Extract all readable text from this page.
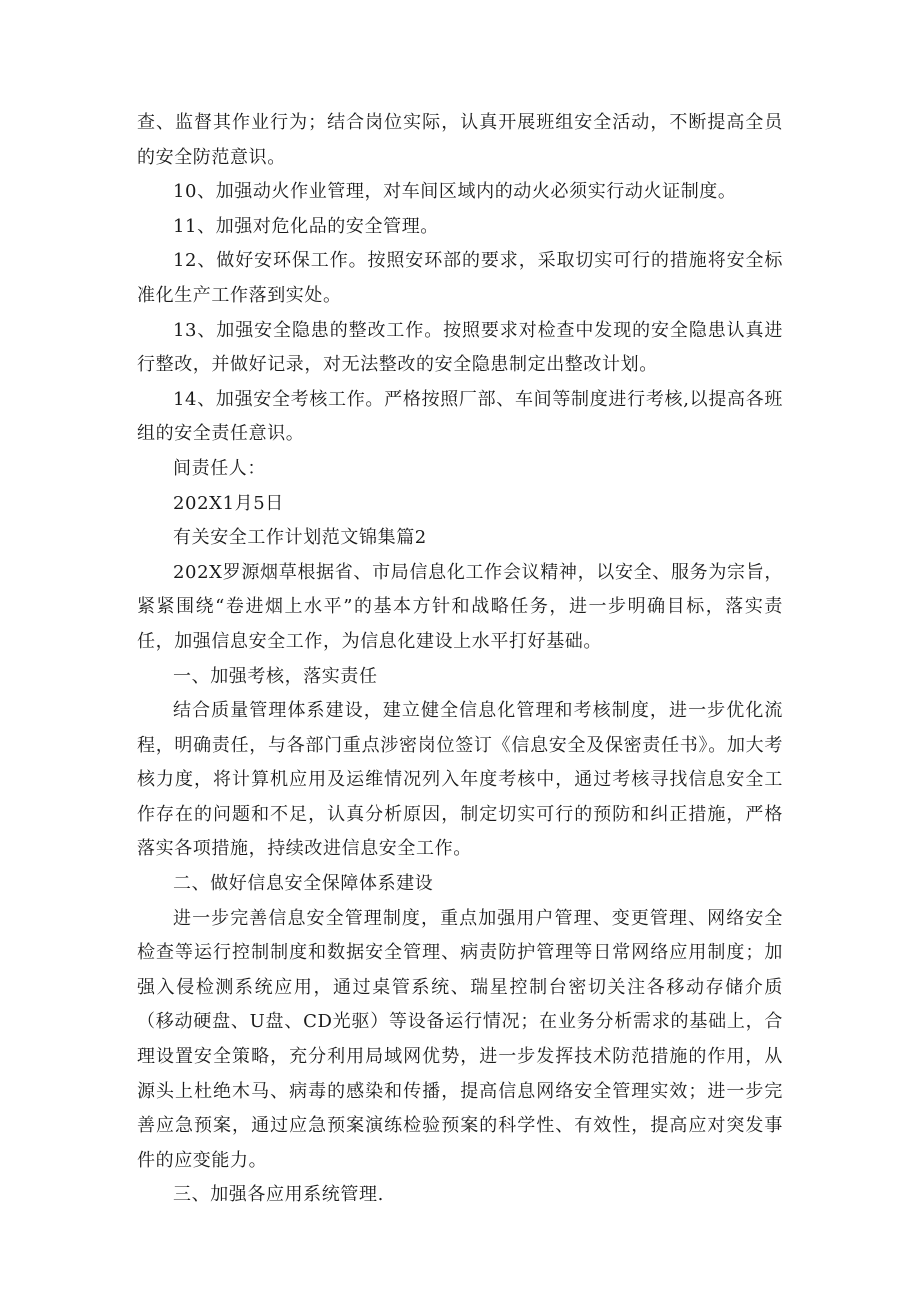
查、监督其作业行为；结合岗位实际，认真开展班组安全活动，不断提高全员的安全防范意识。

10、加强动火作业管理，对车间区域内的动火必须实行动火证制度。

11、加强对危化品的安全管理。

12、做好安环保工作。按照安环部的要求，采取切实可行的措施将安全标准化生产工作落到实处。

13、加强安全隐患的整改工作。按照要求对检查中发现的安全隐患认真进行整改，并做好记录，对无法整改的安全隐患制定出整改计划。

14、加强安全考核工作。严格按照厂部、车间等制度进行考核,以提高各班组的安全责任意识。

间责任人：

202X1月5日

有关安全工作计划范文锦集篇2

202X罗源烟草根据省、市局信息化工作会议精神，以安全、服务为宗旨，紧紧围绕“卷进烟上水平”的基本方针和战略任务，进一步明确目标，落实责任，加强信息安全工作，为信息化建设上水平打好基础。

一、加强考核，落实责任

结合质量管理体系建设，建立健全信息化管理和考核制度，进一步优化流程，明确责任，与各部门重点涉密岗位签订《信息安全及保密责任书》。加大考核力度，将计算机应用及运维情况列入年度考核中，通过考核寻找信息安全工作存在的问题和不足，认真分析原因，制定切实可行的预防和纠正措施，严格落实各项措施，持续改进信息安全工作。

二、做好信息安全保障体系建设

进一步完善信息安全管理制度，重点加强用户管理、变更管理、网络安全检查等运行控制制度和数据安全管理、病责防护管理等日常网络应用制度；加强入侵检测系统应用，通过桌管系统、瑞星控制台密切关注各移动存储介质（移动硬盘、U盘、CD光驱）等设备运行情况；在业务分析需求的基础上，合理设置安全策略，充分利用局域网优势，进一步发挥技术防范措施的作用，从源头上杜绝木马、病毒的感染和传播，提高信息网络安全管理实效；进一步完善应急预案，通过应急预案演练检验预案的科学性、有效性，提高应对突发事件的应变能力。

三、加强各应用系统管理.
